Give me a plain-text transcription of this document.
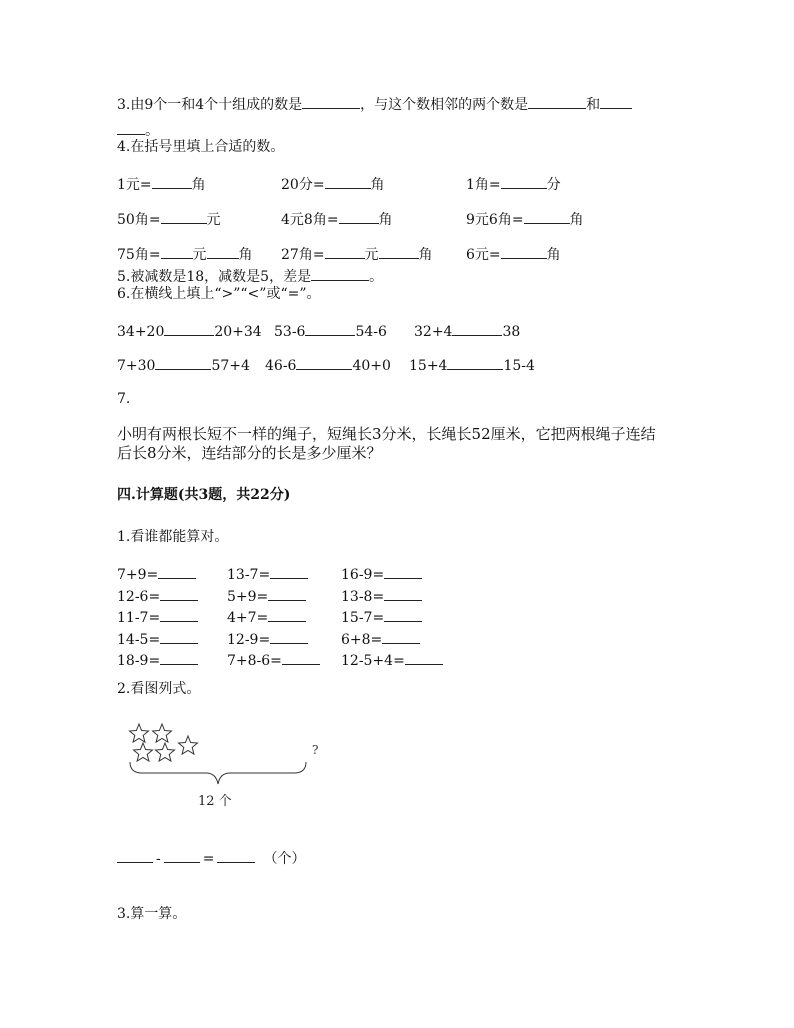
3.由9个一和4个十组成的数是	，与这个数相邻的两个数是	和
。
4.在括号里填上合适的数。
1元=	角	20分=	角	1角=	分
50角=	元	4元8角=	角	9元6角=	角
75角= 元 角 27角=	元	角 6元=	角
5.被减数是18，减数是5，差是	。
6.在横线上填上“>”“<”或“=”。
34+20	20+34 53-6	54-6 32+4	38
7+30	57+4 46-6	40+0 15+4	15-4
7.
小明有两根长短不一样的绳子，短绳长3分米，长绳长52厘米，它把两根绳子连结
后长8分米，连结部分的长是多少厘米？
四.计算题(共3题，共22分)
1.看谁都能算对。
7+9=	13-7=	16-9=
12-6=	5+9=	13-8=
11-7=	4+7=	15-7=
14-5=	12-9=	6+8=
18-9=	7+8-6=	12-5+4=
2.看图列式。
?
12 个
-	=	（个）
3.算一算。
